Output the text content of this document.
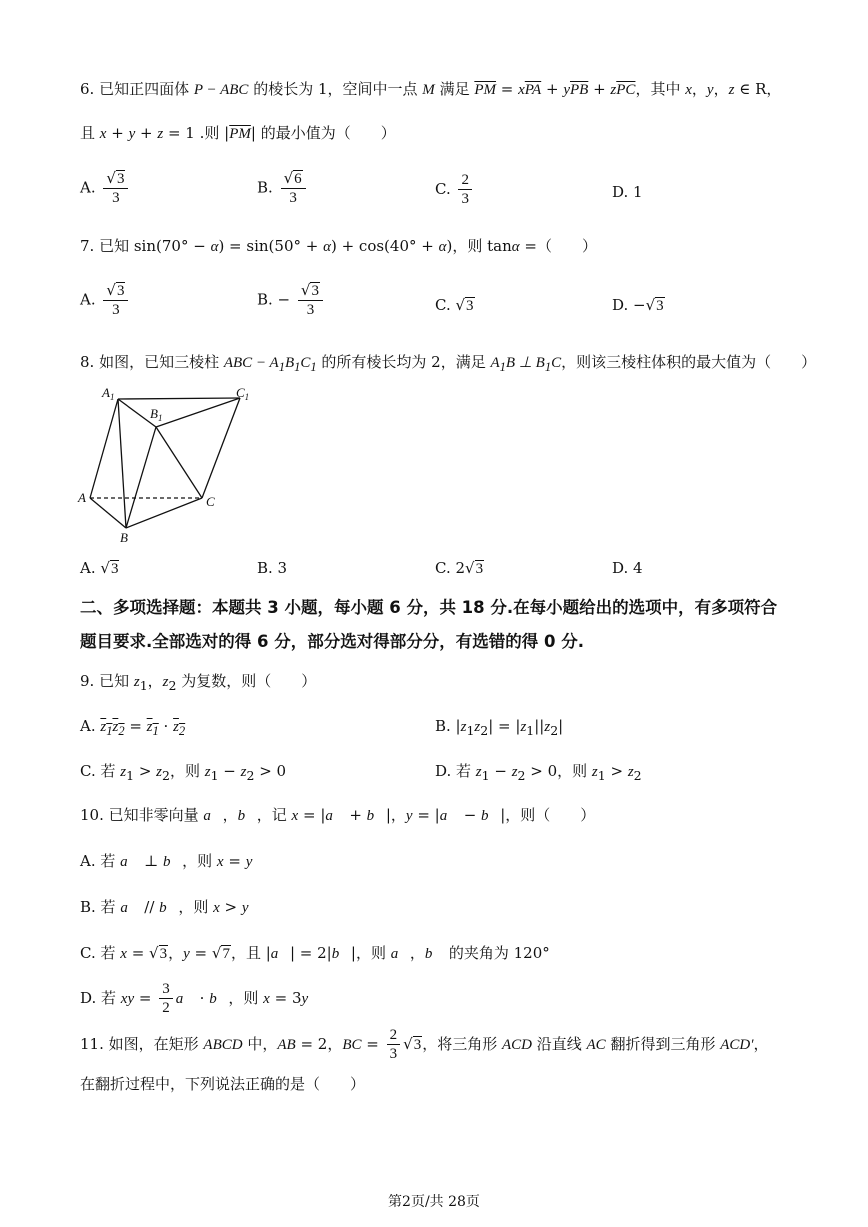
6. 已知正四面体 P − ABC 的棱长为 1，空间中一点 M 满足 $\overline{PM} = x\overline{PA} + y\overline{PB} + z\overline{PC}$，其中 x，y，z ∈ R，
且 x + y + z = 1 .则 $|\overline{PM}|$ 的最小值为（　　）
A. $\frac{√3}{3}$	B. $\frac{√6}{3}$	C. $\frac{2}{3}$	D. 1
7. 已知 sin(70° − α) = sin(50° + α) + cos(40° + α)，则 tanα =（　　）
A. $\frac{√3}{3}$	B. − $\frac{√3}{3}$	C. √3	D. −√3
8. 如图，已知三棱柱 ABC − $A_1B_1C_1$ 的所有棱长均为 2，满足 $A_1B$ ⊥ $B_1C$，则该三棱柱体积的最大值为（　　）
$A_1$
$B_1$
$C_1$
A
B
C
A. √3	B. 3	C. 2√3	D. 4
二、多项选择题：本题共 3 小题，每小题 6 分，共 18 分.在每小题给出的选项中，有多项符合
题目要求.全部选对的得 6 分，部分选对得部分分，有选错的得 0 分.
9. 已知 $z_1$，$z_2$ 为复数，则（　　）
A. $z_1z_2 = z_1 \cdot z_2$	B. $|z_1z_2| = |z_1||z_2|$
C. 若 $z_1 > z_2$，则 $z_1 - z_2 > 0$	D. 若 $z_1 - z_2 > 0$，则 $z_1 > z_2$
10. 已知非零向量 a⃗，b⃗，记 x = |a⃗ + b⃗|，y = |a⃗ − b⃗|，则（　　）
A. 若 a⃗ ⊥ b⃗，则 x = y
B. 若 a⃗ // b⃗，则 x > y
C. 若 x = √3，y = √7，且 |a⃗| = 2|b⃗|，则 a⃗，b⃗ 的夹角为 120°
D. 若 xy = $\frac{3}{2}$ a⃗ · b⃗，则 x = 3y
11. 如图，在矩形 ABCD 中，AB = 2，BC = $\frac{2}{3} √3$，将三角形 ACD 沿直线 AC 翻折得到三角形 ACD′，
在翻折过程中，下列说法正确的是（　　）
第2页/共 28页
